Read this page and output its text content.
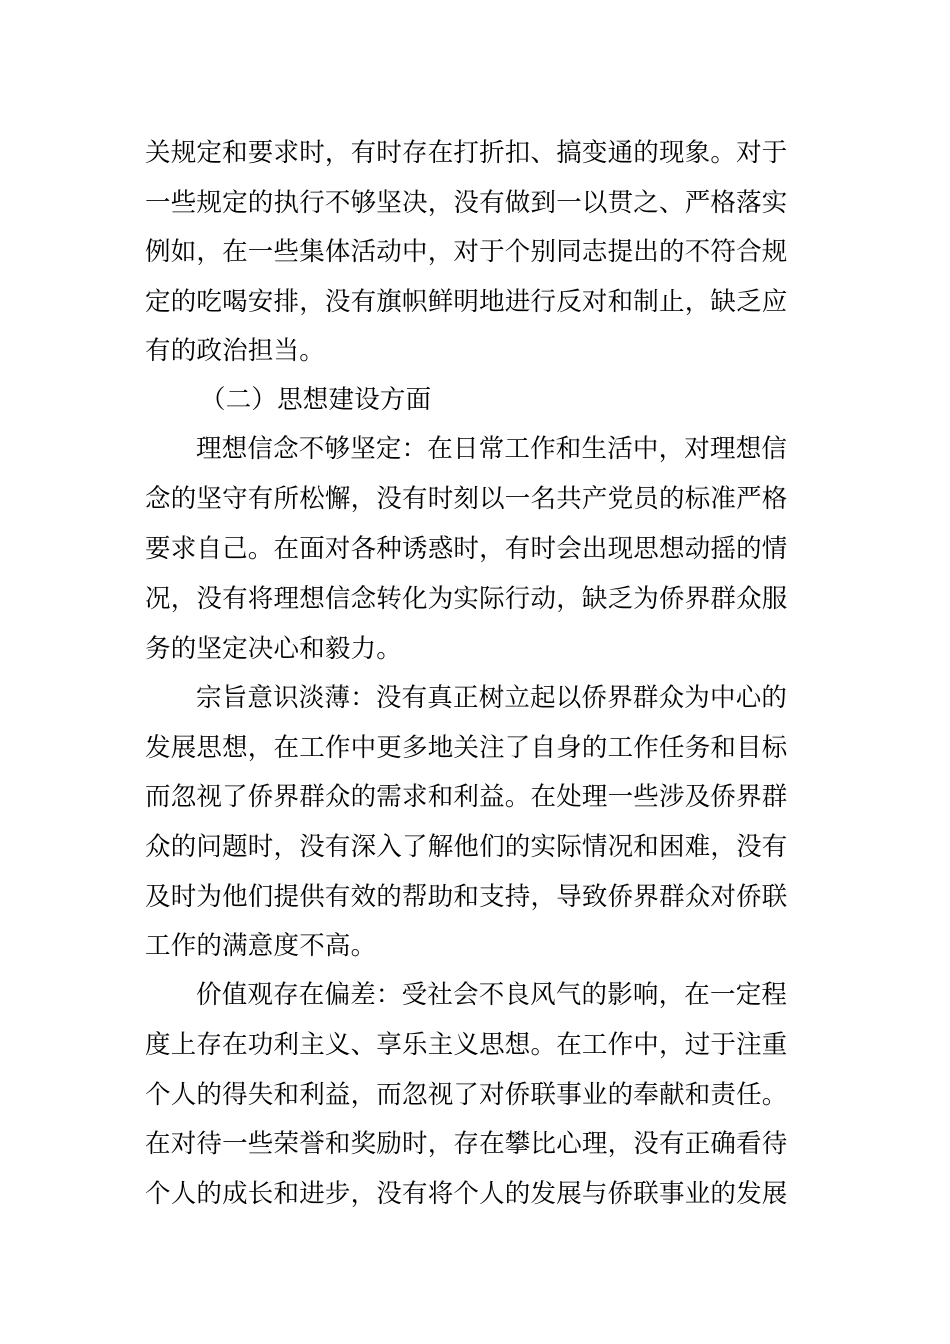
关规定和要求时，有时存在打折扣、搞变通的现象。对于
一些规定的执行不够坚决，没有做到一以贯之、严格落实
例如，在一些集体活动中，对于个别同志提出的不符合规
定的吃喝安排，没有旗帜鲜明地进行反对和制止，缺乏应
有的政治担当。
（二）思想建设方面
理想信念不够坚定：在日常工作和生活中，对理想信
念的坚守有所松懈，没有时刻以一名共产党员的标准严格
要求自己。在面对各种诱惑时，有时会出现思想动摇的情
况，没有将理想信念转化为实际行动，缺乏为侨界群众服
务的坚定决心和毅力。
宗旨意识淡薄：没有真正树立起以侨界群众为中心的
发展思想，在工作中更多地关注了自身的工作任务和目标
而忽视了侨界群众的需求和利益。在处理一些涉及侨界群
众的问题时，没有深入了解他们的实际情况和困难，没有
及时为他们提供有效的帮助和支持，导致侨界群众对侨联
工作的满意度不高。
价值观存在偏差：受社会不良风气的影响，在一定程
度上存在功利主义、享乐主义思想。在工作中，过于注重
个人的得失和利益，而忽视了对侨联事业的奉献和责任。
在对待一些荣誉和奖励时，存在攀比心理，没有正确看待
个人的成长和进步，没有将个人的发展与侨联事业的发展
